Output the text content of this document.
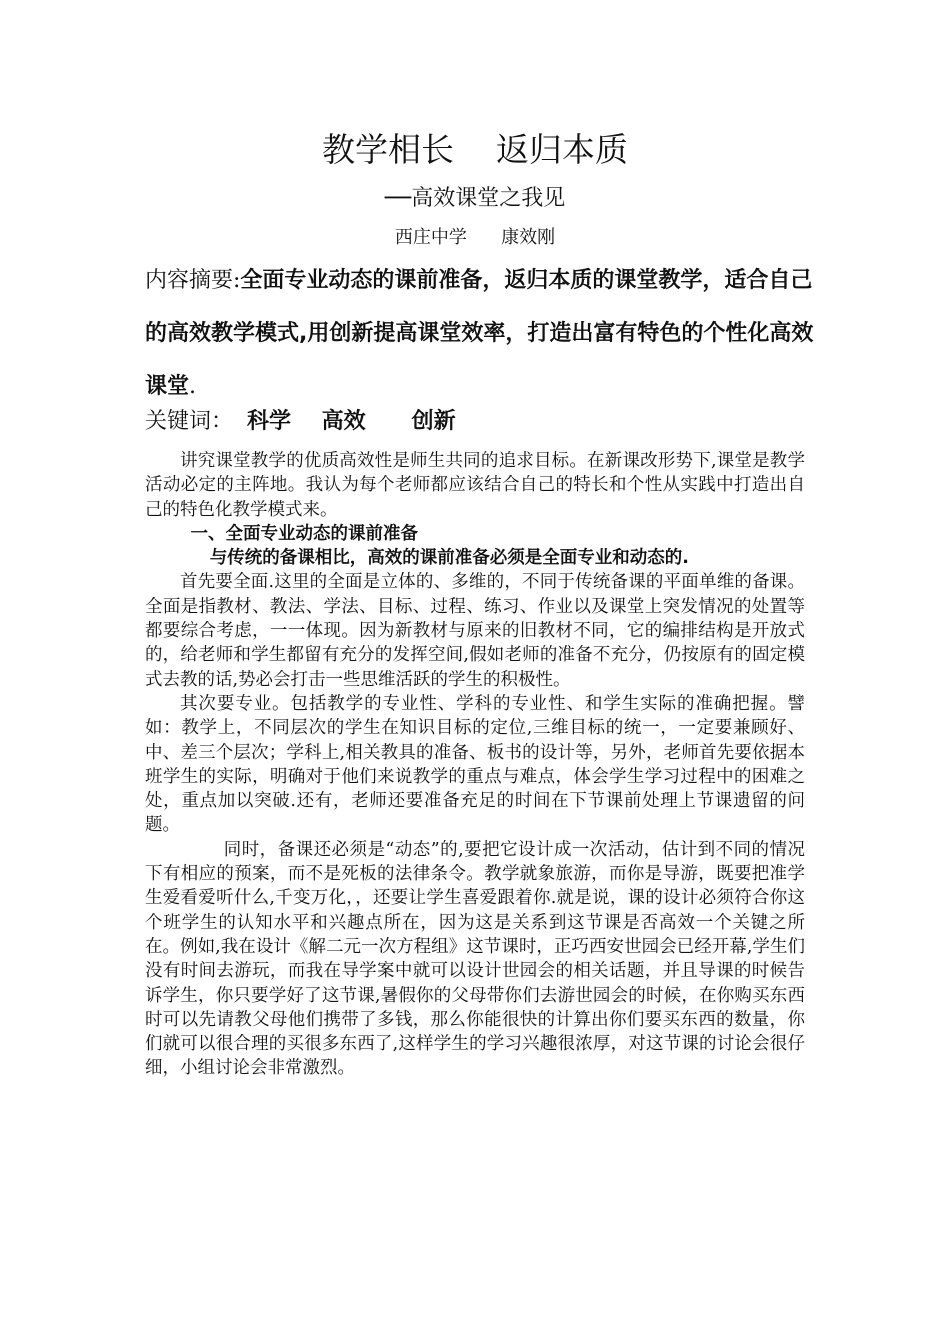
教学相长    返归本质
──高效课堂之我见
西庄中学      康效刚

内容摘要:全面专业动态的课前准备，返归本质的课堂教学，适合自己的高效教学模式,用创新提高课堂效率，打造出富有特色的个性化高效课堂.

关键词：  科学    高效      创新

讲究课堂教学的优质高效性是师生共同的追求目标。在新课改形势下,课堂是教学活动必定的主阵地。我认为每个老师都应该结合自己的特长和个性从实践中打造出自己的特色化教学模式来。

一、全面专业动态的课前准备

与传统的备课相比，高效的课前准备必须是全面专业和动态的.

首先要全面.这里的全面是立体的、多维的，不同于传统备课的平面单维的备课。全面是指教材、教法、学法、目标、过程、练习、作业以及课堂上突发情况的处置等都要综合考虑，一一体现。因为新教材与原来的旧教材不同，它的编排结构是开放式的，给老师和学生都留有充分的发挥空间,假如老师的准备不充分，仍按原有的固定模式去教的话,势必会打击一些思维活跃的学生的积极性。

其次要专业。包括教学的专业性、学科的专业性、和学生实际的准确把握。譬如：教学上，不同层次的学生在知识目标的定位,三维目标的统一，一定要兼顾好、中、差三个层次；学科上,相关教具的准备、板书的设计等，另外，老师首先要依据本班学生的实际，明确对于他们来说教学的重点与难点，体会学生学习过程中的困难之处，重点加以突破.还有，老师还要准备充足的时间在下节课前处理上节课遗留的问题。

同时，备课还必须是“动态”的,要把它设计成一次活动，估计到不同的情况下有相应的预案，而不是死板的法律条令。教学就象旅游，而你是导游，既要把准学生爱看爱听什么,千变万化，，还要让学生喜爱跟着你.就是说，课的设计必须符合你这个班学生的认知水平和兴趣点所在，因为这是关系到这节课是否高效一个关键之所在。例如,我在设计《解二元一次方程组》这节课时，正巧西安世园会已经开幕,学生们没有时间去游玩，而我在导学案中就可以设计世园会的相关话题，并且导课的时候告诉学生，你只要学好了这节课,暑假你的父母带你们去游世园会的时候，在你购买东西时可以先请教父母他们携带了多钱，那么你能很快的计算出你们要买东西的数量，你们就可以很合理的买很多东西了,这样学生的学习兴趣很浓厚，对这节课的讨论会很仔细，小组讨论会非常激烈。
